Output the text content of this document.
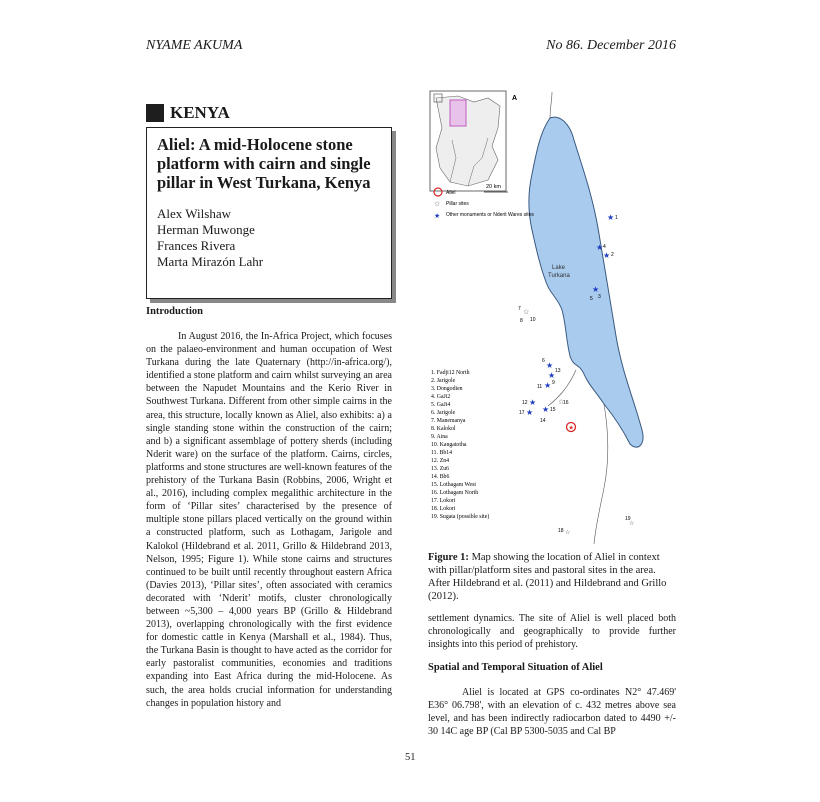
NYAME AKUMA	No 86. December 2016
KENYA
Aliel: A mid-Holocene stone platform with cairn and single pillar in West Turkana, Kenya
Alex Wilshaw
Herman Muwonge
Frances Rivera
Marta Mirazón Lahr
Introduction
In August 2016, the In-Africa Project, which focuses on the palaeo-environment and human occupation of West Turkana during the late Quaternary (http://in-africa.org/), identified a stone platform and cairn whilst surveying an area between the Napudet Mountains and the Kerio River in Southwest Turkana. Different from other simple cairns in the area, this structure, locally known as Aliel, also exhibits: a) a single standing stone within the construction of the cairn; and b) a significant assemblage of pottery sherds (including Nderit ware) on the surface of the platform. Cairns, circles, platforms and stone structures are well-known features of the prehistory of the Turkana Basin (Robbins, 2006, Wright et al., 2016), including complex megalithic architecture in the form of ‘Pillar sites’ characterised by the presence of multiple stone pillars placed vertically on the ground within a constructed platform, such as Lothagam, Jarigole and Kalokol (Hildebrand et al. 2011, Grillo & Hildebrand 2013, Nelson, 1995; Figure 1). While stone cairns and structures continued to be built until recently throughout eastern Africa (Davies 2013), ‘Pillar sites’, often associated with ceramics decorated with ‘Nderit’ motifs, cluster chronologically between ~5,300 – 4,000 years BP (Grillo & Hildebrand 2013), overlapping chronologically with the first evidence for domestic cattle in Kenya (Marshall et al., 1984). Thus, the Turkana Basin is thought to have acted as the corridor for early pastoralist communities, economies and traditions expanding into East Africa during the mid-Holocene. As such, the area holds crucial information for understanding changes in population history and
A
Lake
Turkana
20 km
Aliel
☆ Pillar sites
★ Other monuments or Nderit Wares sites	★ 1
★
★ 2
★
3
☆
7
8
★
6
★
★
11
★
12
★
17 ★ 15
14
☆
16
★
19
☆
18 ☆
1. Fadji12 North
2. Jarigole
3. Dongodien
4. GaJi2
5. GaJi4
6. Jarigole
7. Manemanya
8. Kalokol
9. Aina
10. Kangatotha
11. Bb14
12. Zn4
13. Zu6
14. Bb6
15. Lothagam West
16. Lothagam North
17. Lokori
18. Lokori
19. Sugata (possible site)
4
5
9
10
13
Figure 1: Map showing the location of Aliel in context with pillar/platform sites and pastoral sites in the area. After Hildebrand et al. (2011) and Hildebrand and Grillo (2012).
settlement dynamics. The site of Aliel is well placed both chronologically and geographically to provide further insights into this period of prehistory.
Spatial and Temporal Situation of Aliel
Aliel is located at GPS co-ordinates N2° 47.469' E36° 06.798', with an elevation of c. 432 metres above sea level, and has been indirectly radiocarbon dated to 4490 +/- 30 14C age BP (Cal BP 5300-5035 and Cal BP
51
